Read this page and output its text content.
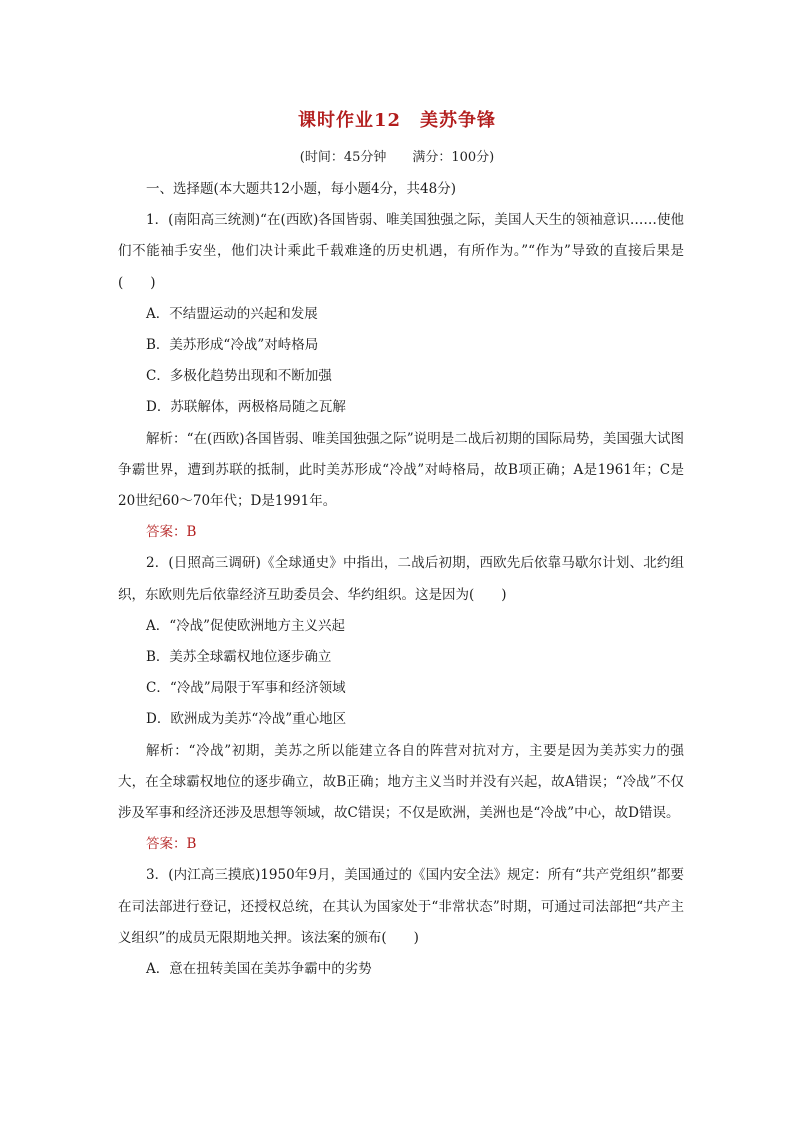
课时作业12　美苏争锋
(时间：45分钟　　满分：100分)

一、选择题(本大题共12小题，每小题4分，共48分)

1．(南阳高三统测)“在(西欧)各国皆弱、唯美国独强之际，美国人天生的领袖意识……使他们不能袖手安坐，他们决计乘此千载难逢的历史机遇，有所作为。”“作为”导致的直接后果是(　　)

A．不结盟运动的兴起和发展

B．美苏形成“冷战”对峙格局

C．多极化趋势出现和不断加强

D．苏联解体，两极格局随之瓦解

解析：“在(西欧)各国皆弱、唯美国独强之际”说明是二战后初期的国际局势，美国强大试图争霸世界，遭到苏联的抵制，此时美苏形成“冷战”对峙格局，故B项正确；A是1961年；C是20世纪60～70年代；D是1991年。

答案：B

2．(日照高三调研)《全球通史》中指出，二战后初期，西欧先后依靠马歇尔计划、北约组织，东欧则先后依靠经济互助委员会、华约组织。这是因为(　　)

A．“冷战”促使欧洲地方主义兴起

B．美苏全球霸权地位逐步确立

C．“冷战”局限于军事和经济领域

D．欧洲成为美苏“冷战”重心地区

解析：“冷战”初期，美苏之所以能建立各自的阵营对抗对方，主要是因为美苏实力的强大，在全球霸权地位的逐步确立，故B正确；地方主义当时并没有兴起，故A错误；“冷战”不仅涉及军事和经济还涉及思想等领域，故C错误；不仅是欧洲，美洲也是“冷战”中心，故D错误。

答案：B

3．(内江高三摸底)1950年9月，美国通过的《国内安全法》规定：所有“共产党组织”都要在司法部进行登记，还授权总统，在其认为国家处于“非常状态”时期，可通过司法部把“共产主义组织”的成员无限期地关押。该法案的颁布(　　)

A．意在扭转美国在美苏争霸中的劣势
